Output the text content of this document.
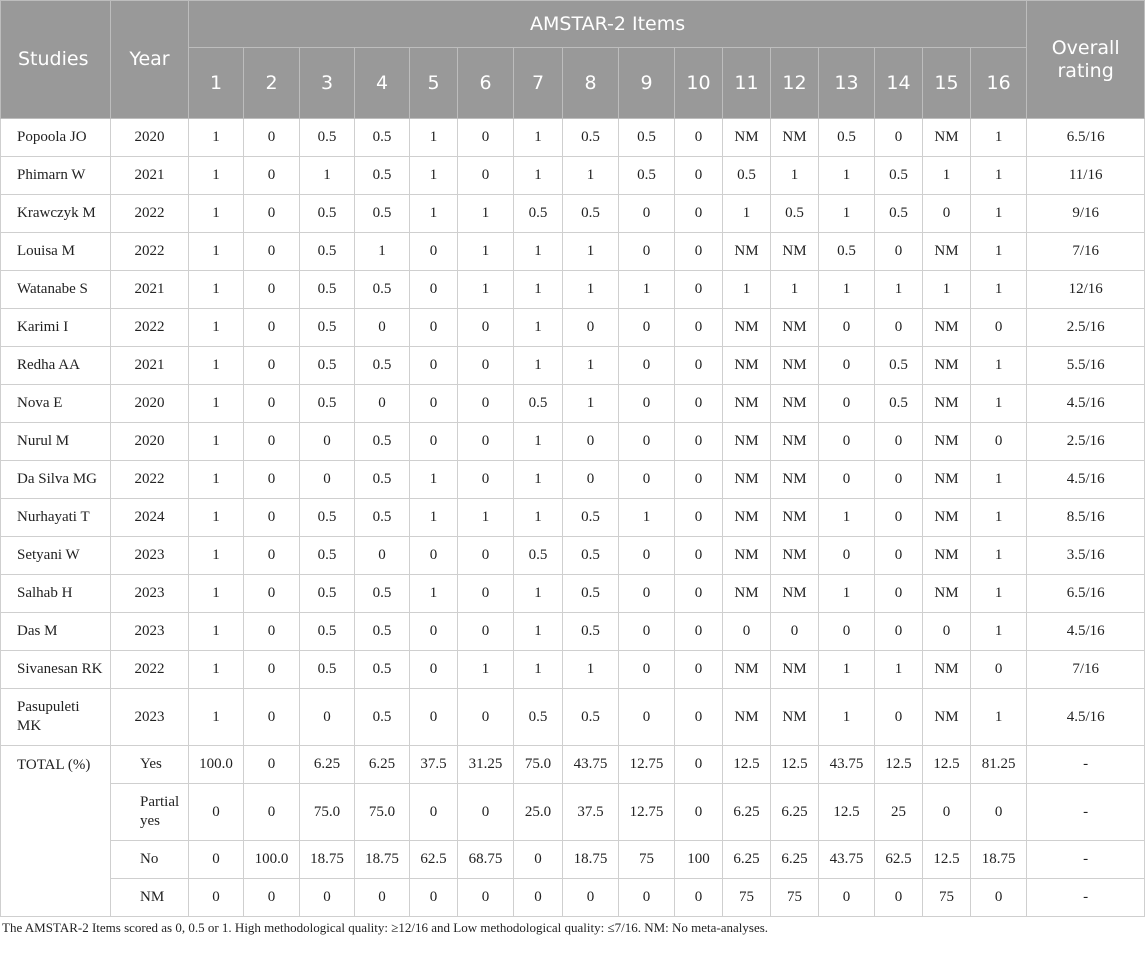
Studies	Year	AMSTAR-2 Items																Overall rating
		1	2	3	4	5	6	7	8	9	10	11	12	13	14	15	16	
Popoola JO	2020	1	0	0.5	0.5	1	0	1	0.5	0.5	0	NM	NM	0.5	0	NM	1	6.5/16
Phimarn W	2021	1	0	1	0.5	1	0	1	1	0.5	0	0.5	1	1	0.5	1	1	11/16
Krawczyk M	2022	1	0	0.5	0.5	1	1	0.5	0.5	0	0	1	0.5	1	0.5	0	1	9/16
Louisa M	2022	1	0	0.5	1	0	1	1	1	0	0	NM	NM	0.5	0	NM	1	7/16
Watanabe S	2021	1	0	0.5	0.5	0	1	1	1	1	0	1	1	1	1	1	1	12/16
Karimi I	2022	1	0	0.5	0	0	0	1	0	0	0	NM	NM	0	0	NM	0	2.5/16
Redha AA	2021	1	0	0.5	0.5	0	0	1	1	0	0	NM	NM	0	0.5	NM	1	5.5/16
Nova E	2020	1	0	0.5	0	0	0	0.5	1	0	0	NM	NM	0	0.5	NM	1	4.5/16
Nurul M	2020	1	0	0	0.5	0	0	1	0	0	0	NM	NM	0	0	NM	0	2.5/16
Da Silva MG	2022	1	0	0	0.5	1	0	1	0	0	0	NM	NM	0	0	NM	1	4.5/16
Nurhayati T	2024	1	0	0.5	0.5	1	1	1	0.5	1	0	NM	NM	1	0	NM	1	8.5/16
Setyani W	2023	1	0	0.5	0	0	0	0.5	0.5	0	0	NM	NM	0	0	NM	1	3.5/16
Salhab H	2023	1	0	0.5	0.5	1	0	1	0.5	0	0	NM	NM	1	0	NM	1	6.5/16
Das M	2023	1	0	0.5	0.5	0	0	1	0.5	0	0	0	0	0	0	0	1	4.5/16
Sivanesan RK	2022	1	0	0.5	0.5	0	1	1	1	0	0	NM	NM	1	1	NM	0	7/16
Pasupuleti MK	2023	1	0	0	0.5	0	0	0.5	0.5	0	0	NM	NM	1	0	NM	1	4.5/16
TOTAL (%)	Yes	100.0	0	6.25	6.25	37.5	31.25	75.0	43.75	12.75	0	12.5	12.5	43.75	12.5	12.5	81.25	-
	Partial yes	0	0	75.0	75.0	0	0	25.0	37.5	12.75	0	6.25	6.25	12.5	25	0	0	-
	No	0	100.0	18.75	18.75	62.5	68.75	0	18.75	75	100	6.25	6.25	43.75	62.5	12.5	18.75	-
	NM	0	0	0	0	0	0	0	0	0	0	75	75	0	0	75	0	-
The AMSTAR-2 Items scored as 0, 0.5 or 1. High methodological quality: ≥12/16 and Low methodological quality: ≤7/16. NM: No meta-analyses.
